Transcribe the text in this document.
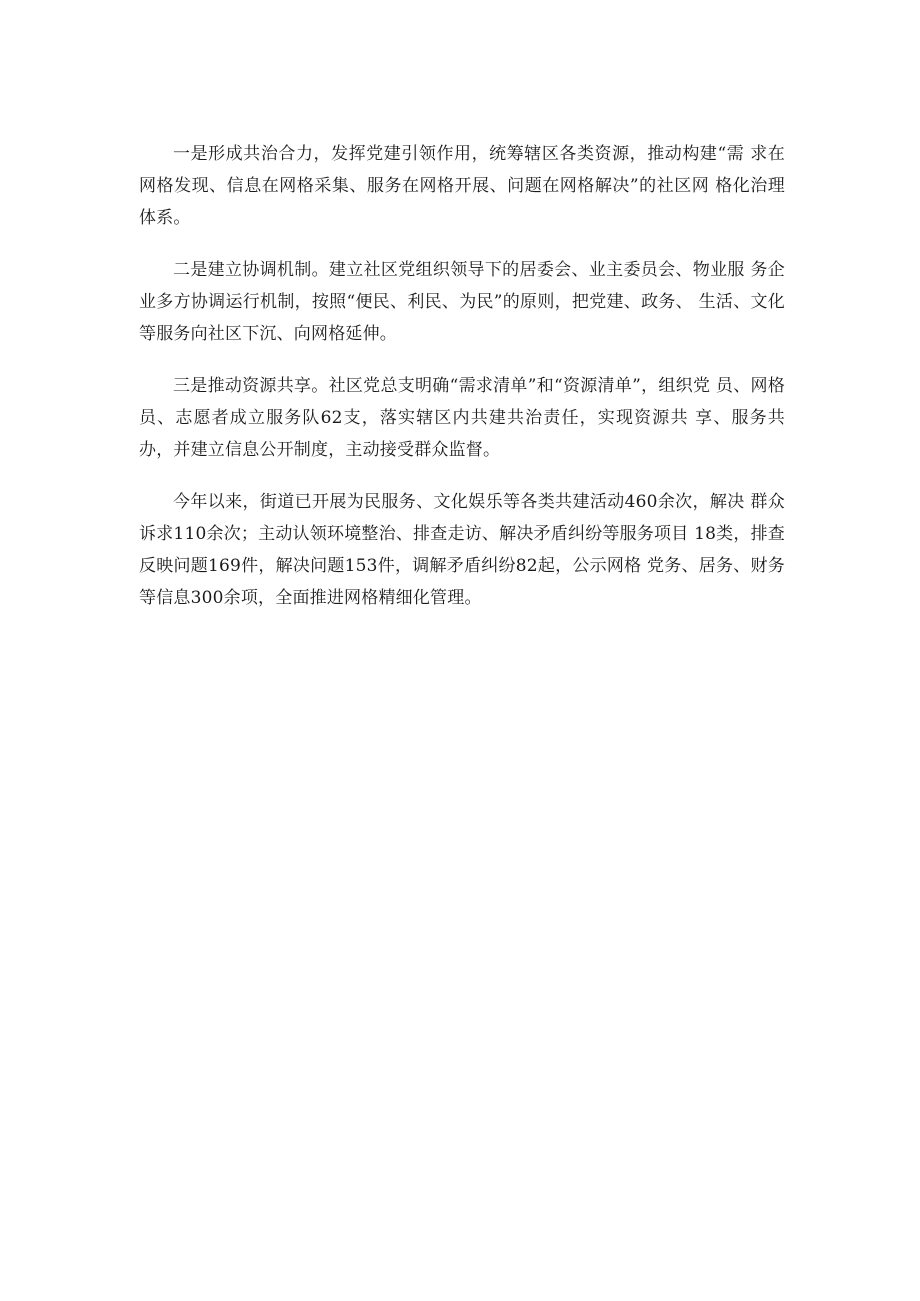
一是形成共治合力，发挥党建引领作用，统筹辖区各类资源，推动构建“需 求在网格发现、信息在网格采集、服务在网格开展、问题在网格解决”的社区网 格化治理体系。

二是建立协调机制。建立社区党组织领导下的居委会、业主委员会、物业服 务企业多方协调运行机制，按照“便民、利民、为民”的原则，把党建、政务、 生活、文化等服务向社区下沉、向网格延伸。

三是推动资源共享。社区党总支明确“需求清单”和“资源清单”，组织党 员、网格员、志愿者成立服务队62支，落实辖区内共建共治责任，实现资源共 享、服务共办，并建立信息公开制度，主动接受群众监督。

今年以来，街道已开展为民服务、文化娱乐等各类共建活动460余次，解决 群众诉求110余次；主动认领环境整治、排查走访、解决矛盾纠纷等服务项目 18类，排查反映问题169件，解决问题153件，调解矛盾纠纷82起，公示网格 党务、居务、财务等信息300余项，全面推进网格精细化管理。
